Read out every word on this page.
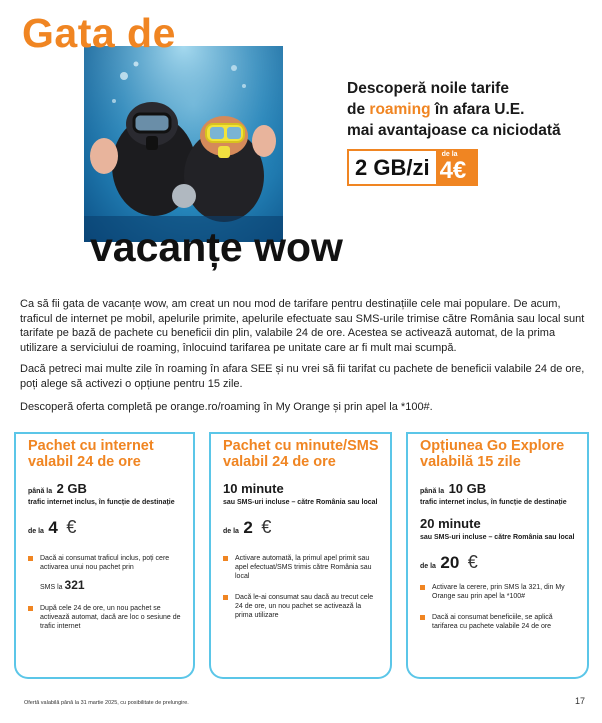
Gata de
vacanțe wow
Descoperă noile tarife
de roaming în afara U.E.
mai avantajoase ca niciodată
2 GB/zi
de la
4€

Ca să fii gata de vacanțe wow, am creat un nou mod de tarifare pentru destinațiile cele mai populare. De acum, traficul de internet pe mobil, apelurile primite, apelurile efectuate sau SMS-urile trimise către România sau local sunt tarifate pe bază de pachete cu beneficii din plin, valabile 24 de ore. Acestea se activează automat, de la prima utilizare a serviciului de roaming, înlocuind tarifarea pe unitate care ar fi mult mai scumpă.

Dacă petreci mai multe zile în roaming în afara SEE și nu vrei să fii tarifat cu pachete de beneficii valabile 24 de ore, poți alege să activezi o opțiune pentru 15 zile.

Descoperă oferta completă pe orange.ro/roaming în My Orange și prin apel la *100#.

Pachet cu internet
valabil 24 de ore

până la 2 GB

trafic internet inclus, în funcție de destinație

de la 4 €
Dacă ai consumat traficul inclus, poți cere activarea unui nou pachet prin

SMS la 321
După cele 24 de ore, un nou pachet se activează automat, dacă are loc o sesiune de trafic internet

Pachet cu minute/SMS
valabil 24 de ore

10 minute

sau SMS-uri incluse – către România sau local

de la 2 €
Activare automată, la primul apel primit sau apel efectuat/SMS trimis către România sau local
Dacă le-ai consumat sau dacă au trecut cele 24 de ore, un nou pachet se activează la prima utilizare

Opțiunea Go Explore
valabilă 15 zile

până la 10 GB

trafic internet inclus, în funcție de destinație

20 minute

sau SMS-uri incluse – către România sau local

de la 20 €
Activare la cerere, prin SMS la 321, din My Orange sau prin apel la *100#
Dacă ai consumat beneficiile, se aplică tarifarea cu pachete valabile 24 de ore
Ofertă valabilă până la 31 martie 2025, cu posibilitate de prelungire.	17
